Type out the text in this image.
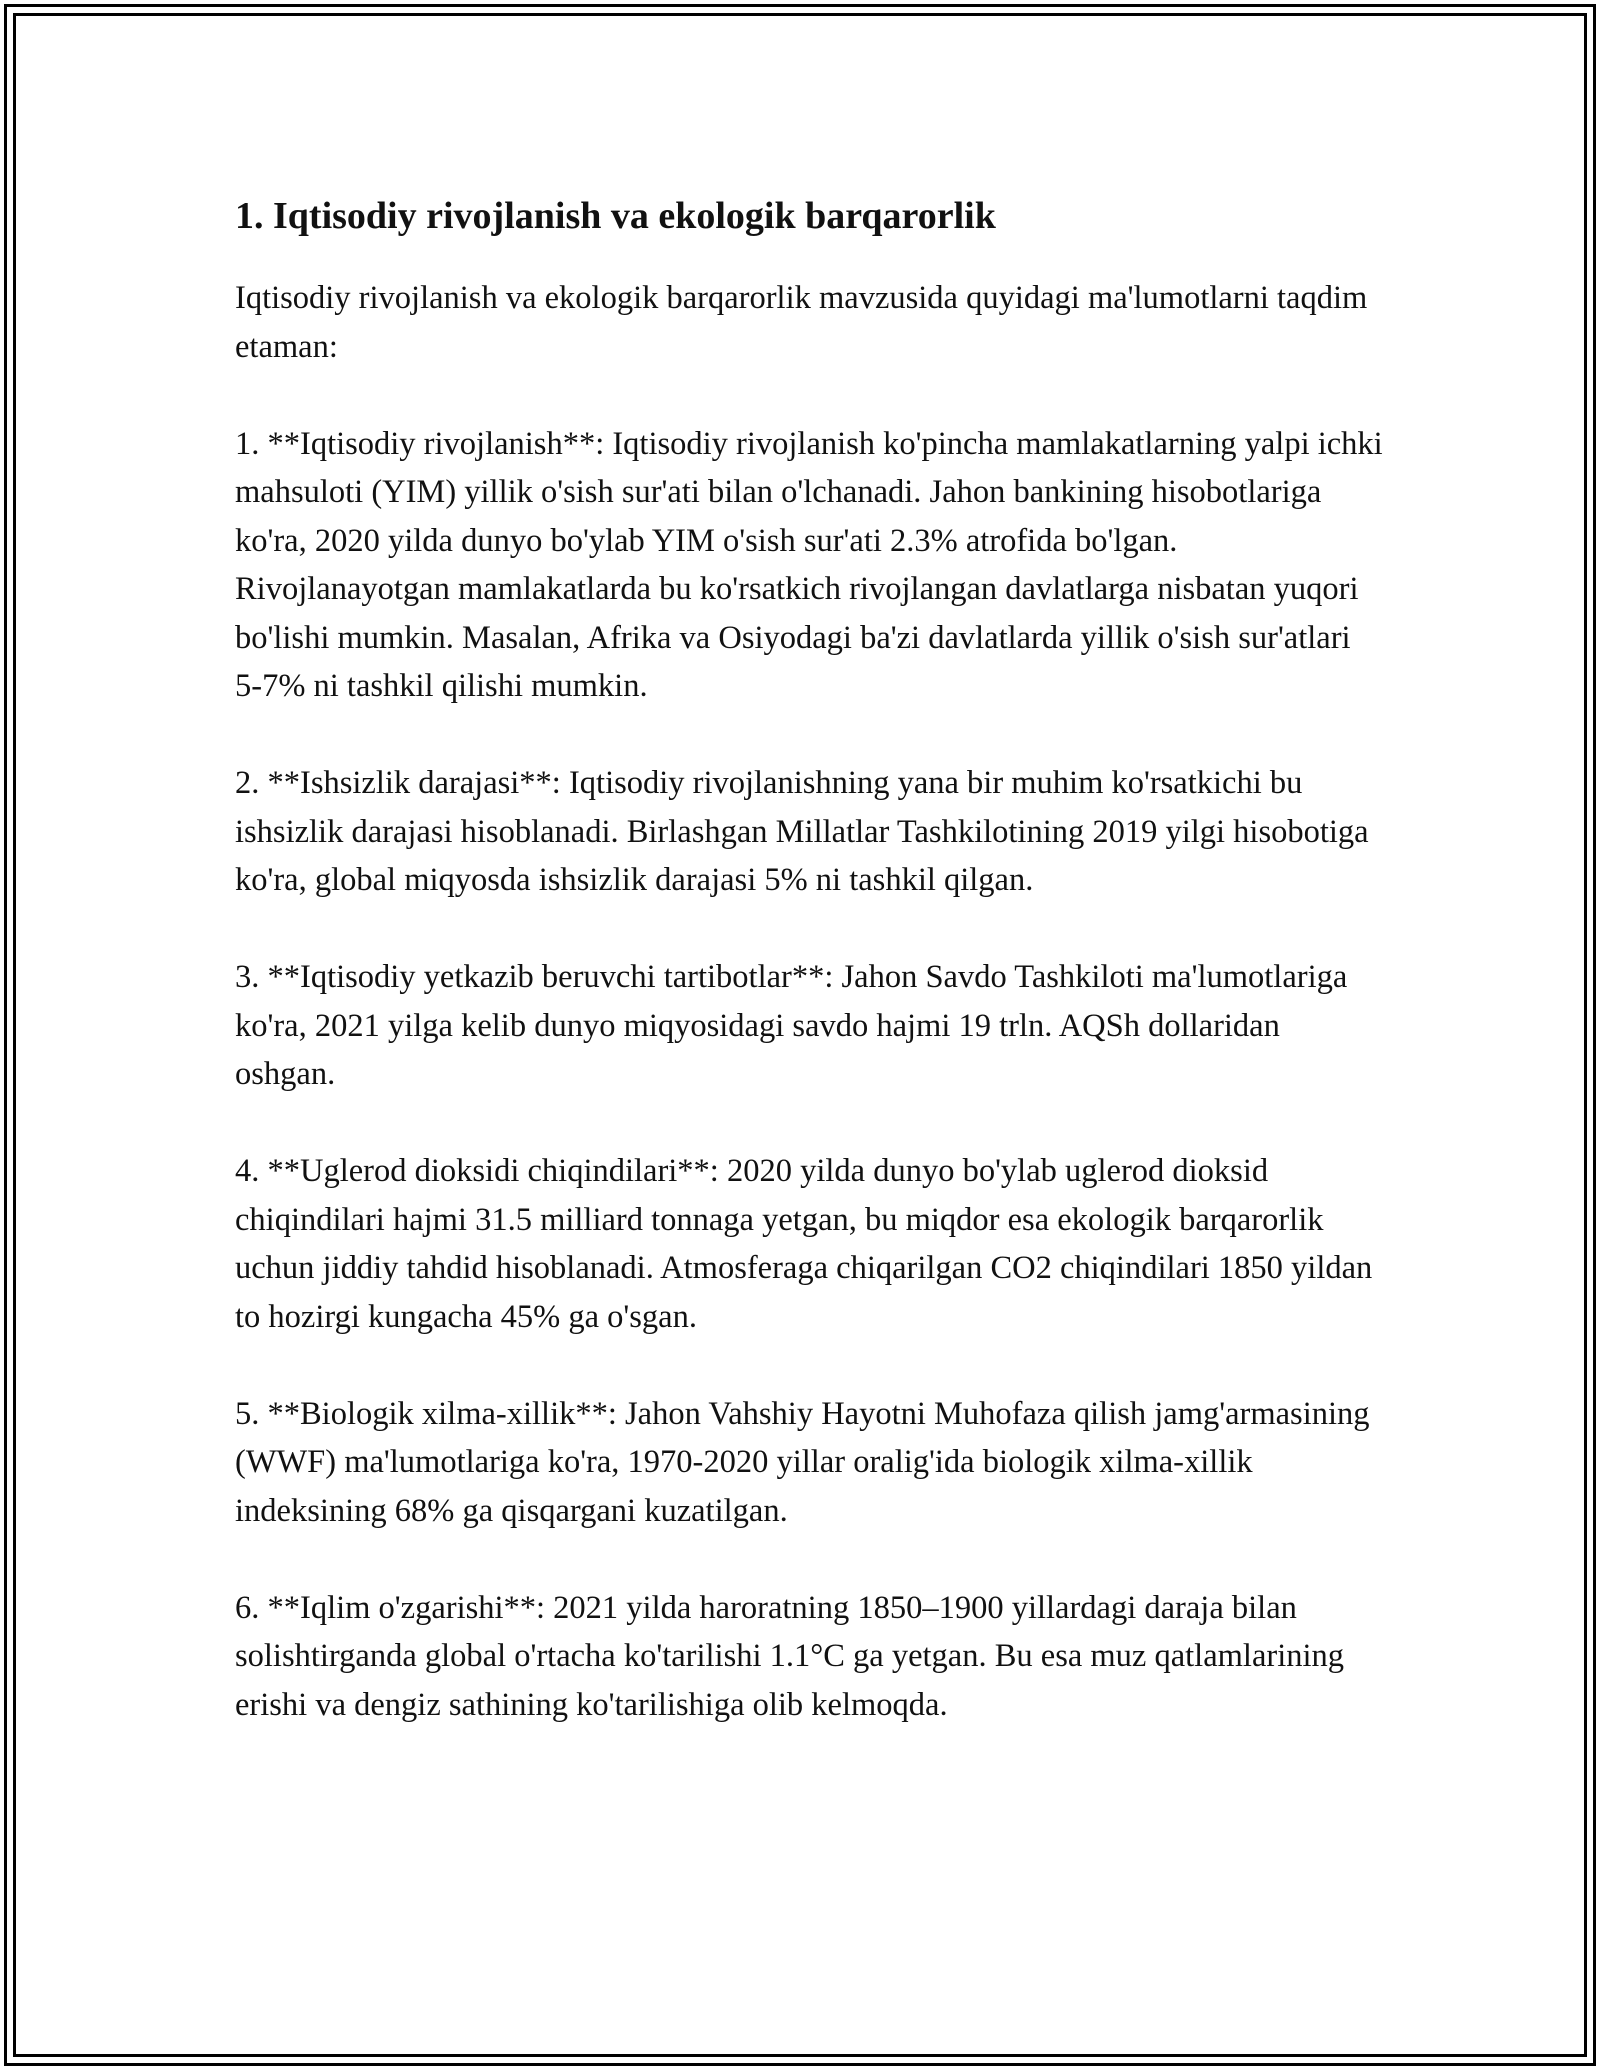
1. Iqtisodiy rivojlanish va ekologik barqarorlik

Iqtisodiy rivojlanish va ekologik barqarorlik mavzusida quyidagi ma'lumotlarni taqdim etaman:

1. **Iqtisodiy rivojlanish**: Iqtisodiy rivojlanish ko'pincha mamlakatlarning yalpi ichki mahsuloti (YIM) yillik o'sish sur'ati bilan o'lchanadi. Jahon bankining hisobotlariga ko'ra, 2020 yilda dunyo bo'ylab YIM o'sish sur'ati 2.3% atrofida bo'lgan. Rivojlanayotgan mamlakatlarda bu ko'rsatkich rivojlangan davlatlarga nisbatan yuqori bo'lishi mumkin. Masalan, Afrika va Osiyodagi ba'zi davlatlarda yillik o'sish sur'atlari 5-7% ni tashkil qilishi mumkin.

2. **Ishsizlik darajasi**: Iqtisodiy rivojlanishning yana bir muhim ko'rsatkichi bu ishsizlik darajasi hisoblanadi. Birlashgan Millatlar Tashkilotining 2019 yilgi hisobotiga ko'ra, global miqyosda ishsizlik darajasi 5% ni tashkil qilgan.

3. **Iqtisodiy yetkazib beruvchi tartibotlar**: Jahon Savdo Tashkiloti ma'lumotlariga ko'ra, 2021 yilga kelib dunyo miqyosidagi savdo hajmi 19 trln. AQSh dollaridan oshgan.

4. **Uglerod dioksidi chiqindilari**: 2020 yilda dunyo bo'ylab uglerod dioksid chiqindilari hajmi 31.5 milliard tonnaga yetgan, bu miqdor esa ekologik barqarorlik uchun jiddiy tahdid hisoblanadi. Atmosferaga chiqarilgan CO2 chiqindilari 1850 yildan to hozirgi kungacha 45% ga o'sgan.

5. **Biologik xilma-xillik**: Jahon Vahshiy Hayotni Muhofaza qilish jamg'armasining (WWF) ma'lumotlariga ko'ra, 1970-2020 yillar oralig'ida biologik xilma-xillik indeksining 68% ga qisqargani kuzatilgan.

6. **Iqlim o'zgarishi**: 2021 yilda haroratning 1850–1900 yillardagi daraja bilan solishtirganda global o'rtacha ko'tarilishi 1.1°C ga yetgan. Bu esa muz qatlamlarining erishi va dengiz sathining ko'tarilishiga olib kelmoqda.
